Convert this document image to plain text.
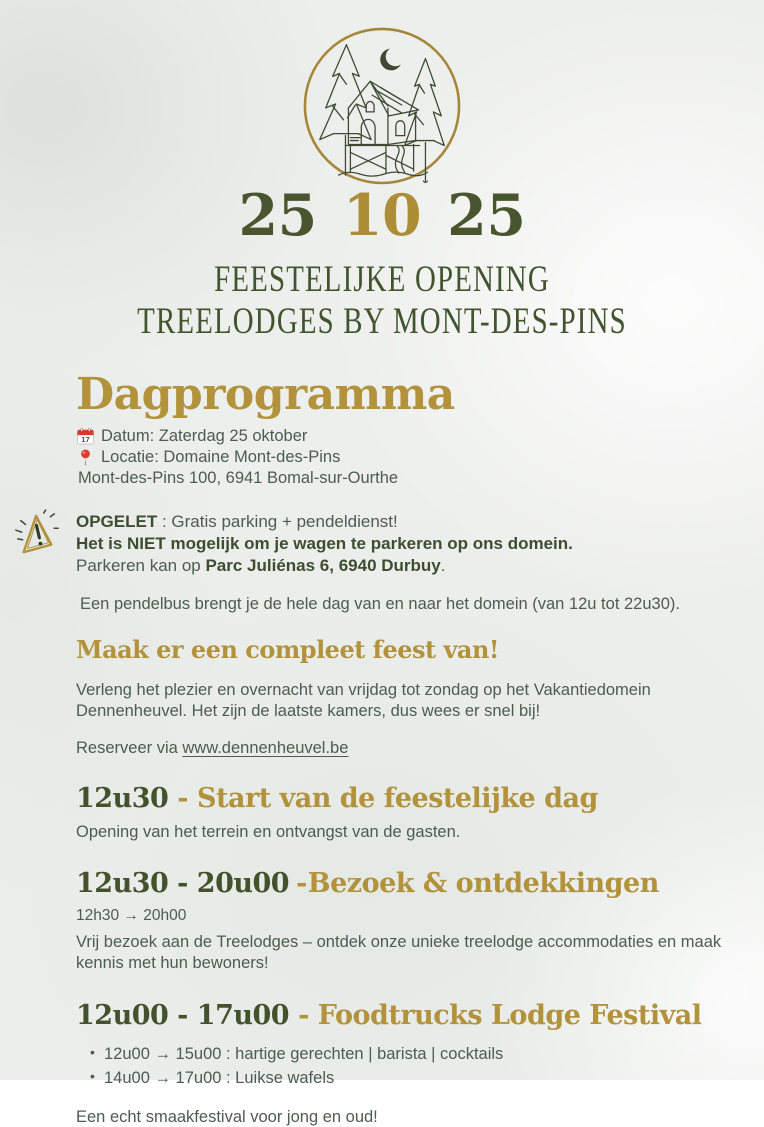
25 10 25
FEESTELIJKE OPENING
TREELODGES BY MONT-DES-PINS
Dagprogramma
17 Datum: Zaterdag 25 oktober
Locatie: Domaine Mont-des-Pins
Mont-des-Pins 100, 6941 Bomal-sur-Ourthe

OPGELET : Gratis parking + pendeldienst!

Het is NIET mogelijk om je wagen te parkeren op ons domein.

Parkeren kan op Parc Juliénas 6, 6940 Durbuy.

Een pendelbus brengt je de hele dag van en naar het domein (van 12u tot 22u30).

Maak er een compleet feest van!

Verleng het plezier en overnacht van vrijdag tot zondag op het Vakantiedomein Dennenheuvel. Het zijn de laatste kamers, dus wees er snel bij!

Reserveer via www.dennenheuvel.be

12u30 - Start van de feestelijke dag

Opening van het terrein en ontvangst van de gasten.

12u30 - 20u00 -Bezoek & ontdekkingen

12h30 → 20h00

Vrij bezoek aan de Treelodges – ontdek onze unieke treelodge accommodaties en maak kennis met hun bewoners!

12u00 - 17u00 - Foodtrucks Lodge Festival
• 12u00 → 15u00 : hartige gerechten | barista | cocktails
• 14u00 → 17u00 : Luikse wafels

Een echt smaakfestival voor jong en oud!
